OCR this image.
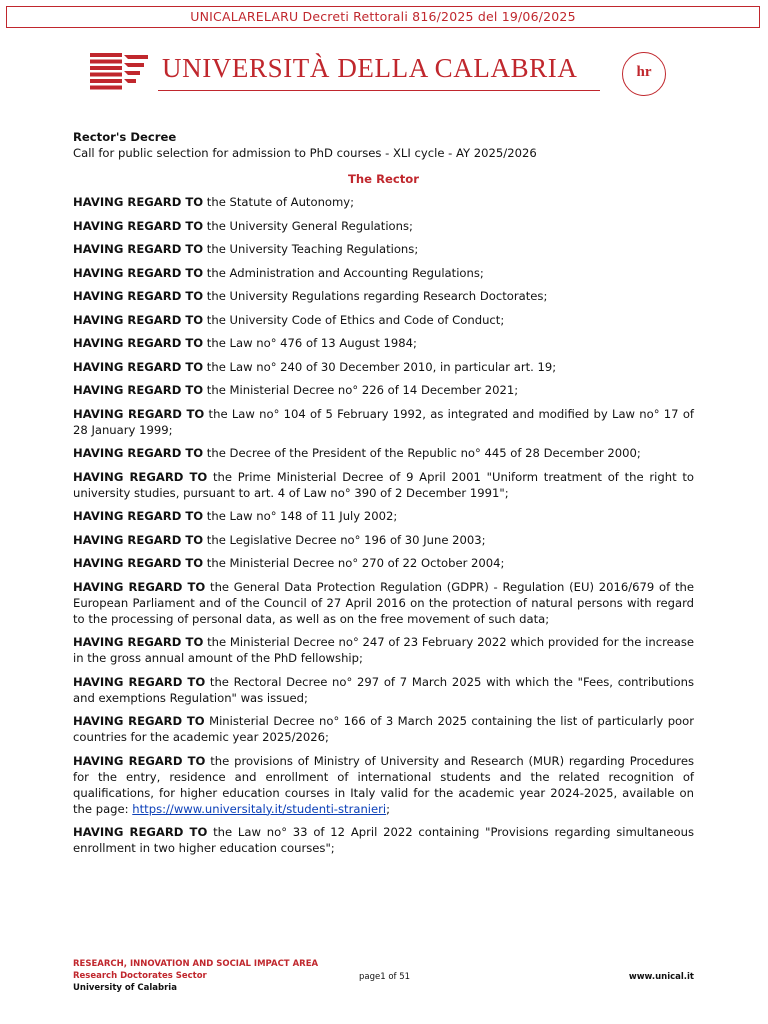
UNICALARELARU Decreti Rettorali 816/2025 del 19/06/2025
UNIVERSITÀ DELLA CALABRIA	hr
Rector's Decree
Call for public selection for admission to PhD courses - XLI cycle - AY 2025/2026
The Rector
HAVING REGARD TO the Statute of Autonomy;
HAVING REGARD TO the University General Regulations;
HAVING REGARD TO the University Teaching Regulations;
HAVING REGARD TO the Administration and Accounting Regulations;
HAVING REGARD TO the University Regulations regarding Research Doctorates;
HAVING REGARD TO the University Code of Ethics and Code of Conduct;
HAVING REGARD TO the Law no° 476 of 13 August 1984;
HAVING REGARD TO the Law no° 240 of 30 December 2010, in particular art. 19;
HAVING REGARD TO the Ministerial Decree no° 226 of 14 December 2021;
HAVING REGARD TO the Law no° 104 of 5 February 1992, as integrated and modified by Law no° 17 of 28 January 1999;
HAVING REGARD TO the Decree of the President of the Republic no° 445 of 28 December 2000;
HAVING REGARD TO the Prime Ministerial Decree of 9 April 2001 "Uniform treatment of the right to university studies, pursuant to art. 4 of Law no° 390 of 2 December 1991";
HAVING REGARD TO the Law no° 148 of 11 July 2002;
HAVING REGARD TO the Legislative Decree no° 196 of 30 June 2003;
HAVING REGARD TO the Ministerial Decree no° 270 of 22 October 2004;
HAVING REGARD TO the General Data Protection Regulation (GDPR) - Regulation (EU) 2016/679 of the European Parliament and of the Council of 27 April 2016 on the protection of natural persons with regard to the processing of personal data, as well as on the free movement of such data;
HAVING REGARD TO the Ministerial Decree no° 247 of 23 February 2022 which provided for the increase in the gross annual amount of the PhD fellowship;
HAVING REGARD TO the Rectoral Decree no° 297 of 7 March 2025 with which the "Fees, contributions and exemptions Regulation" was issued;
HAVING REGARD TO Ministerial Decree no° 166 of 3 March 2025 containing the list of particularly poor countries for the academic year 2025/2026;
HAVING REGARD TO the provisions of Ministry of University and Research (MUR) regarding Procedures for the entry, residence and enrollment of international students and the related recognition of qualifications, for higher education courses in Italy valid for the academic year 2024-2025, available on the page: https://www.universitaly.it/studenti-stranieri;
HAVING REGARD TO the Law no° 33 of 12 April 2022 containing "Provisions regarding simultaneous enrollment in two higher education courses";
RESEARCH, INNOVATION AND SOCIAL IMPACT AREA
Research Doctorates Sector
University of Calabria
page1 of 51	www.unical.it
